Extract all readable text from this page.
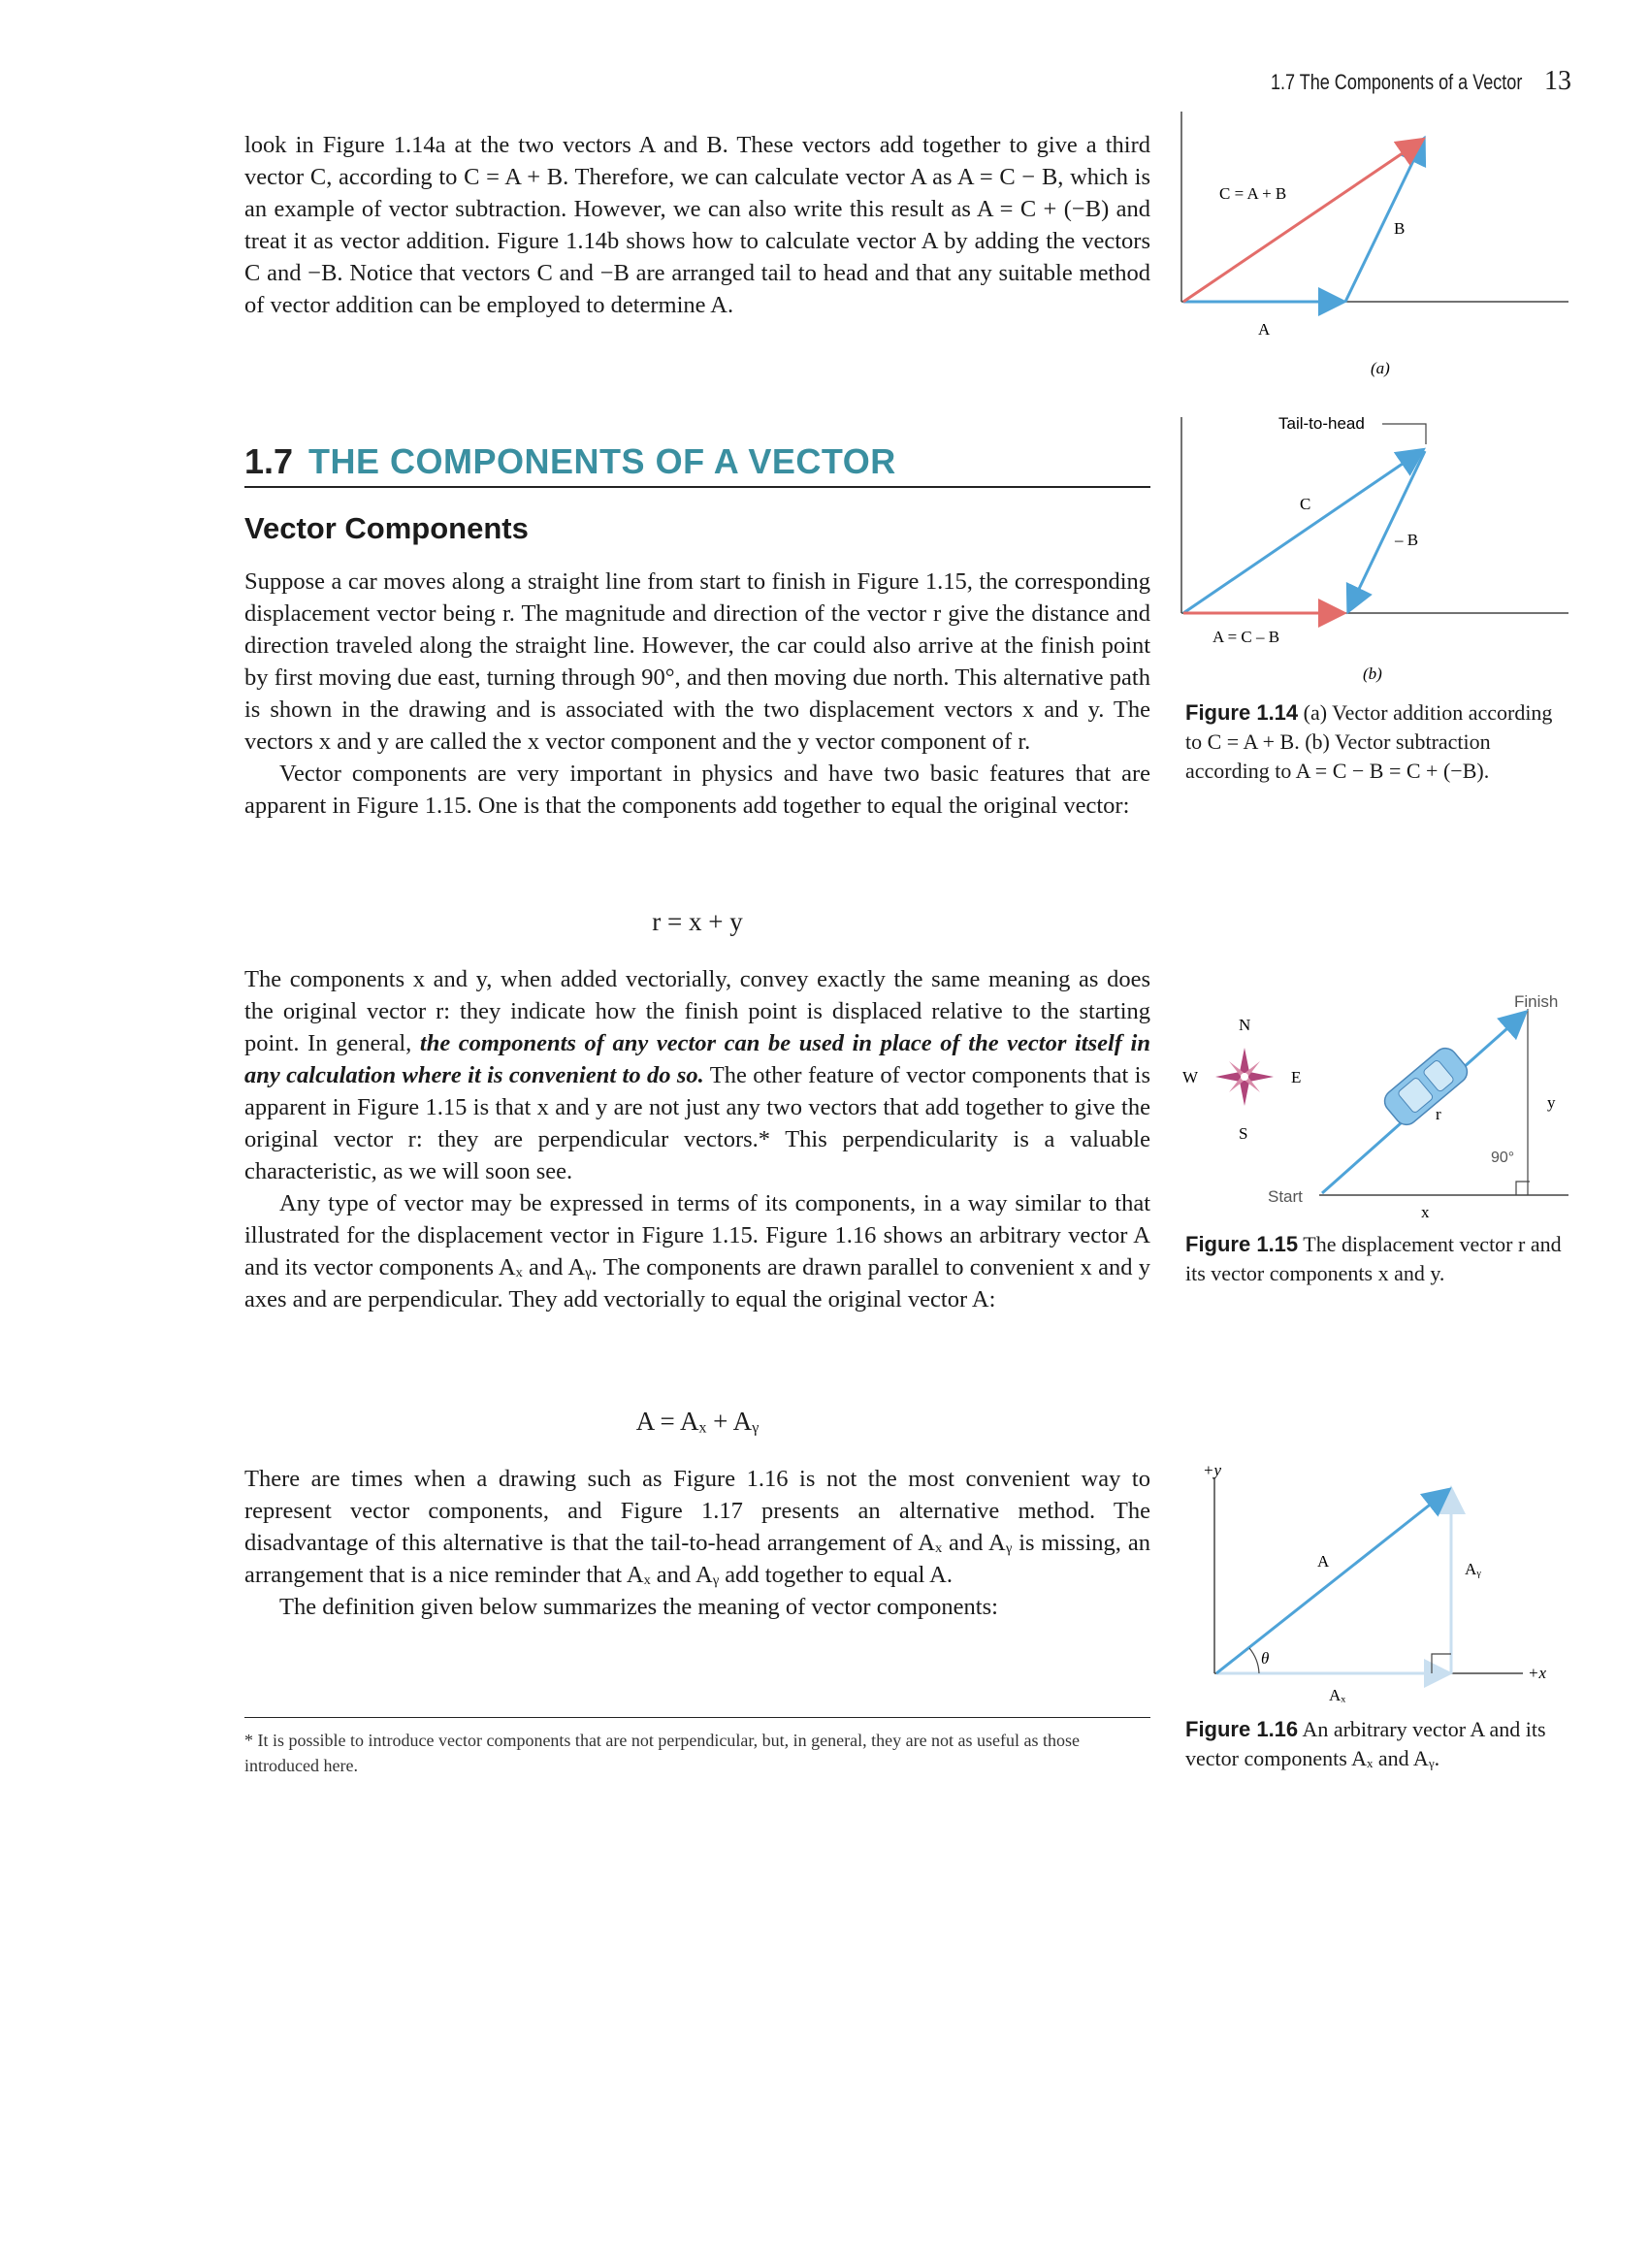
1.7 The Components of a Vector 13

look in Figure 1.14a at the two vectors A and B. These vectors add together to give a third vector C, according to C = A + B. Therefore, we can calculate vector A as A = C − B, which is an example of vector subtraction. However, we can also write this result as A = C + (−B) and treat it as vector addition. Figure 1.14b shows how to calculate vector A by adding the vectors C and −B. Notice that vectors C and −B are arranged tail to head and that any suitable method of vector addition can be employed to determine A.

1.7 THE COMPONENTS OF A VECTOR
Vector Components

Suppose a car moves along a straight line from start to finish in Figure 1.15, the corresponding displacement vector being r. The magnitude and direction of the vector r give the distance and direction traveled along the straight line. However, the car could also arrive at the finish point by first moving due east, turning through 90°, and then moving due north. This alternative path is shown in the drawing and is associated with the two displacement vectors x and y. The vectors x and y are called the x vector component and the y vector component of r.

Vector components are very important in physics and have two basic features that are apparent in Figure 1.15. One is that the components add together to equal the original vector:

r = x + y

The components x and y, when added vectorially, convey exactly the same meaning as does the original vector r: they indicate how the finish point is displaced relative to the starting point. In general, the components of any vector can be used in place of the vector itself in any calculation where it is convenient to do so. The other feature of vector components that is apparent in Figure 1.15 is that x and y are not just any two vectors that add together to give the original vector r: they are perpendicular vectors.* This perpendicularity is a valuable characteristic, as we will soon see.

Any type of vector may be expressed in terms of its components, in a way similar to that illustrated for the displacement vector in Figure 1.15. Figure 1.16 shows an arbitrary vector A and its vector components Aₓ and Aᵧ. The components are drawn parallel to convenient x and y axes and are perpendicular. They add vectorially to equal the original vector A:

A = Aₓ + Aᵧ

There are times when a drawing such as Figure 1.16 is not the most convenient way to represent vector components, and Figure 1.17 presents an alternative method. The disadvantage of this alternative is that the tail-to-head arrangement of Aₓ and Aᵧ is missing, an arrangement that is a nice reminder that Aₓ and Aᵧ add together to equal A.

The definition given below summarizes the meaning of vector components:

* It is possible to introduce vector components that are not perpendicular, but, in general, they are not as useful as those introduced here.
C = A + B
B
A
(a)
Tail-to-head
C
– B
A = C – B
(b)
Figure 1.14 (a) Vector addition according to C = A + B. (b) Vector subtraction according to A = C − B = C + (−B).
N
S
E
W
Finish
Start
r
y
x
90°
Figure 1.15 The displacement vector r and its vector components x and y.
+y
+x
A	Aᵧ
Aₓ
θ
Figure 1.16 An arbitrary vector A and its vector components Aₓ and Aᵧ.
